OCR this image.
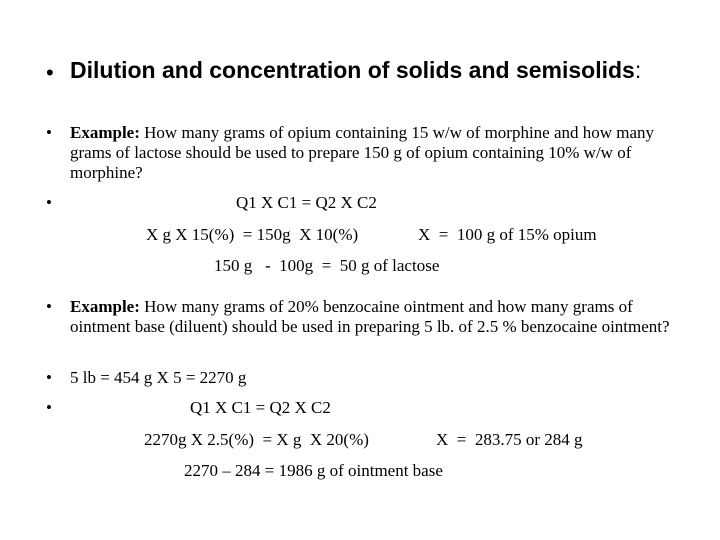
• Dilution and concentration of solids and semisolids:
• Example: How many grams of opium containing 15 w/w of morphine and how many grams of lactose should be used to prepare 150 g of opium containing 10% w/w of morphine?
•	Q1 X C1 = Q2 X C2
X g X 15(%)  = 150g  X 10(%)	X  =  100 g of 15% opium
150 g   -  100g  =  50 g of lactose
• Example: How many grams of 20% benzocaine ointment and how many grams of ointment base (diluent) should be used in preparing 5 lb. of 2.5 % benzocaine ointment?
• 5 lb = 454 g X 5 = 2270 g
•	Q1 X C1 = Q2 X C2
2270g X 2.5(%)  = X g  X 20(%)	X  =  283.75 or 284 g
2270 – 284 = 1986 g of ointment base
